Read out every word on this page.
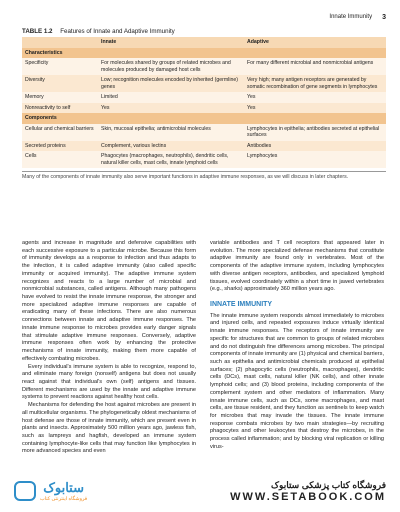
Innate Immunity 3
TABLE 1.2 Features of Innate and Adaptive Immunity
	Innate	Adaptive
Characteristics		
Specificity	For molecules shared by groups of related microbes and molecules produced by damaged host cells	For many different microbial and nonmicrobial antigens
Diversity	Low; recognition molecules encoded by inherited (germline) genes	Very high; many antigen receptors are generated by somatic recombination of gene segments in lymphocytes
Memory	Limited	Yes
Nonreactivity to self	Yes	Yes
Components		
Cellular and chemical barriers	Skin, mucosal epithelia; antimicrobial molecules	Lymphocytes in epithelia; antibodies secreted at epithelial surfaces
Secreted proteins	Complement, various lectins	Antibodies
Cells	Phagocytes (macrophages, neutrophils), dendritic cells, natural killer cells, mast cells, innate lymphoid cells	Lymphocytes
Many of the components of innate immunity also serve important functions in adaptive immune responses, as we will discuss in later chapters.

agents and increase in magnitude and defensive capabilities with each successive exposure to a particular microbe. Because this form of immunity develops as a response to infection and thus adapts to the infection, it is called adaptive immunity (also called specific immunity or acquired immunity). The adaptive immune system recognizes and reacts to a large number of microbial and nonmicrobial substances, called antigens. Although many pathogens have evolved to resist the innate immune response, the stronger and more specialized adaptive immune responses are capable of eradicating many of these infections. There are also numerous connections between innate and adaptive immune responses. The innate immune response to microbes provides early danger signals that stimulate adaptive immune responses. Conversely, adaptive immune responses often work by enhancing the protective mechanisms of innate immunity, making them more capable of effectively combating microbes.

Every individual's immune system is able to recognize, respond to, and eliminate many foreign (nonself) antigens but does not usually react against that individual's own (self) antigens and tissues. Different mechanisms are used by the innate and adaptive immune systems to prevent reactions against healthy host cells.

Mechanisms for defending the host against microbes are present in all multicellular organisms. The phylogenetically oldest mechanisms of host defense are those of innate immunity, which are present even in plants and insects. Approximately 500 million years ago, jawless fish, such as lampreys and hagfish, developed an immune system containing lymphocyte-like cells that may function like lymphocytes in more advanced species and even

variable antibodies and T cell receptors that appeared later in evolution. The more specialized defense mechanisms that constitute adaptive immunity are found only in vertebrates. Most of the components of the adaptive immune system, including lymphocytes with diverse antigen receptors, antibodies, and specialized lymphoid tissues, evolved coordinately within a short time in jawed vertebrates (e.g., sharks) approximately 360 million years ago.

INNATE IMMUNITY

The innate immune system responds almost immediately to microbes and injured cells, and repeated exposures induce virtually identical innate immune responses. The receptors of innate immunity are specific for structures that are common to groups of related microbes and do not distinguish fine differences among microbes. The principal components of innate immunity are (1) physical and chemical barriers, such as epithelia and antimicrobial chemicals produced at epithelial surfaces; (2) phagocytic cells (neutrophils, macrophages), dendritic cells (DCs), mast cells, natural killer (NK cells), and other innate lymphoid cells; and (3) blood proteins, including components of the complement system and other mediators of inflammation. Many innate immune cells, such as DCs, some macrophages, and mast cells, are tissue resident, and they function as sentinels to keep watch for microbes that may invade the tissues. The innate immune response combats microbes by two main strategies—by recruiting phagocytes and other leukocytes that destroy the microbes, in the process called inflammation; and by blocking viral replication or killing virus-

ستابوک
فروشگاه اینترنتی کتاب
فروشگاه کتاب پزشکی ستابوک
WWW.SETABOOK.COM
